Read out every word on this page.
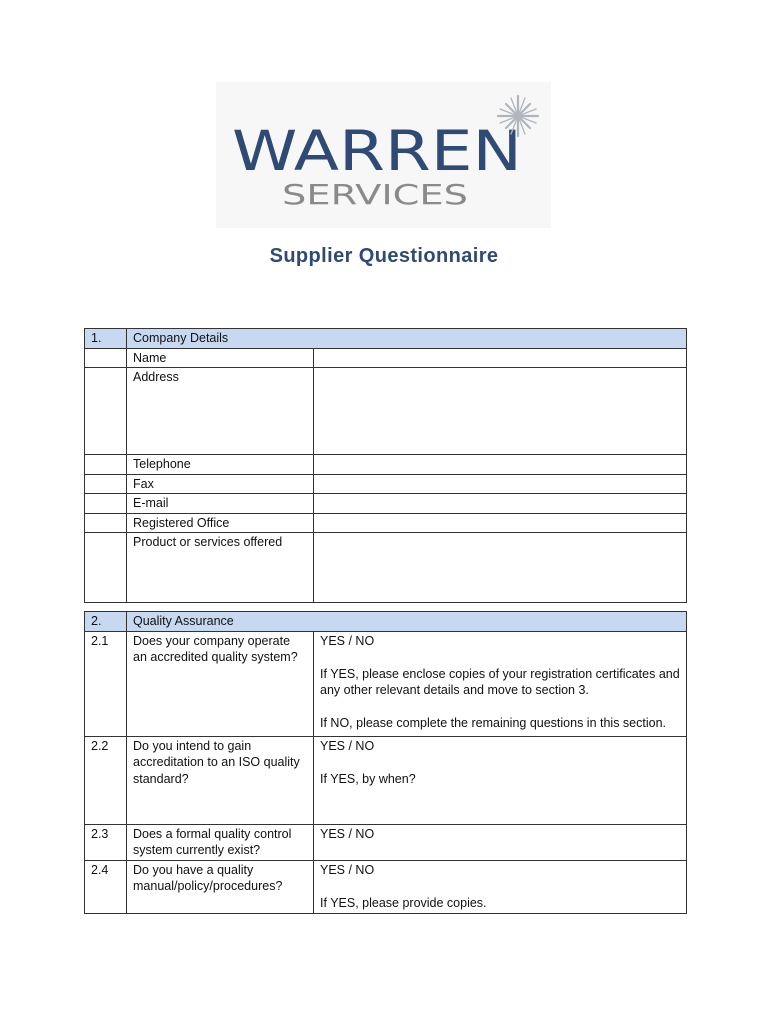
WARREN
SERVICES
Supplier Questionnaire
1.	Company Details	
	Name	
	Address	
	Telephone	
	Fax	
	E-mail	
	Registered Office	
	Product or services offered	
2.	Quality Assurance	
2.1	Does your company operate an accredited quality system?	YES / NO
If YES, please enclose copies of your registration certificates and any other relevant details and move to section 3.
If NO, please complete the remaining questions in this section.

2.2	Do you intend to gain accreditation to an ISO quality standard?	YES / NO
If YES, by when?

2.3	Does a formal quality control system currently exist?	YES / NO

2.4	Do you have a quality manual/policy/procedures?	YES / NO
If YES, please provide copies.
